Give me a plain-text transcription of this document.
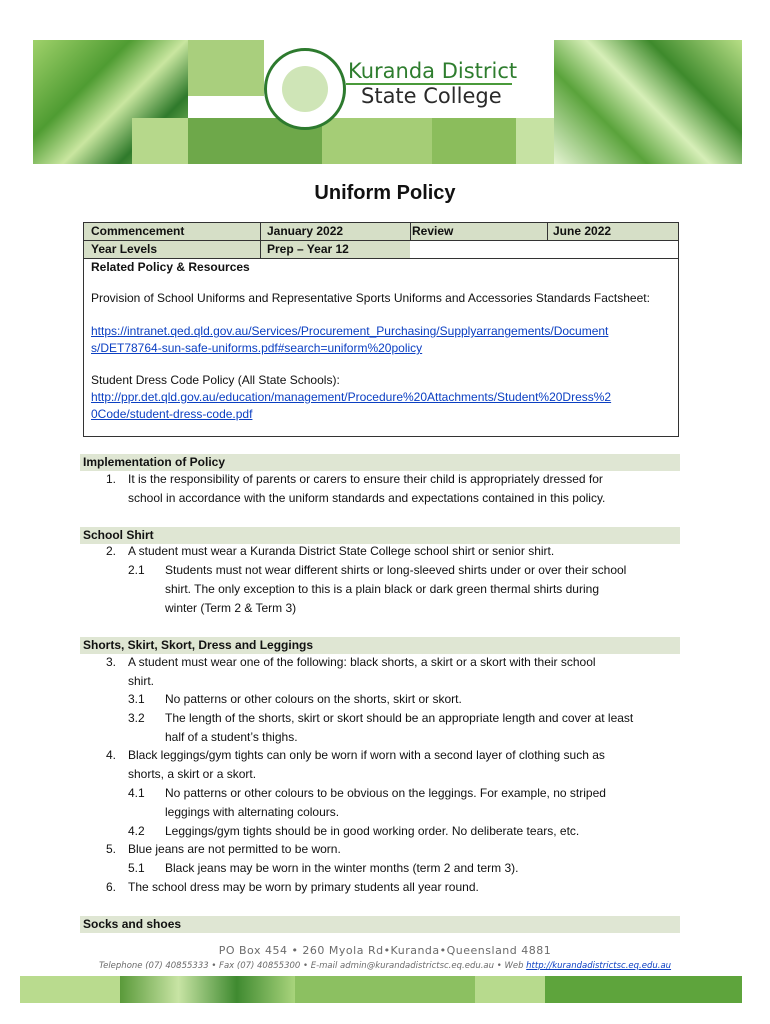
Kuranda District
State College
Uniform Policy
Commencement	January 2022	Review	June 2022
Year Levels	Prep – Year 12
Related Policy & Resources
Provision of School Uniforms and Representative Sports Uniforms and Accessories Standards Factsheet:
https://intranet.qed.qld.gov.au/Services/Procurement_Purchasing/Supplyarrangements/Document
s/DET78764-sun-safe-uniforms.pdf#search=uniform%20policy
Student Dress Code Policy (All State Schools):
http://ppr.det.qld.gov.au/education/management/Procedure%20Attachments/Student%20Dress%2
0Code/student-dress-code.pdf
Implementation of Policy
1. It is the responsibility of parents or carers to ensure their child is appropriately dressed for
school in accordance with the uniform standards and expectations contained in this policy.
School Shirt
2. A student must wear a Kuranda District State College school shirt or senior shirt.
2.1 Students must not wear different shirts or long-sleeved shirts under or over their school
shirt. The only exception to this is a plain black or dark green thermal shirts during
winter (Term 2 & Term 3)
Shorts, Skirt, Skort, Dress and Leggings
3. A student must wear one of the following: black shorts, a skirt or a skort with their school
shirt.
3.1 No patterns or other colours on the shorts, skirt or skort.
3.2 The length of the shorts, skirt or skort should be an appropriate length and cover at least
half of a student’s thighs.
4. Black leggings/gym tights can only be worn if worn with a second layer of clothing such as
shorts, a skirt or a skort.
4.1 No patterns or other colours to be obvious on the leggings. For example, no striped
leggings with alternating colours.
4.2 Leggings/gym tights should be in good working order. No deliberate tears, etc.
5. Blue jeans are not permitted to be worn.
5.1 Black jeans may be worn in the winter months (term 2 and term 3).
6. The school dress may be worn by primary students all year round.
Socks and shoes
PO Box 454 • 260 Myola Rd•Kuranda•Queensland 4881
Telephone (07) 40855333 • Fax (07) 40855300 • E-mail admin@kurandadistrictsc.eq.edu.au • Web http://kurandadistrictsc.eq.edu.au
